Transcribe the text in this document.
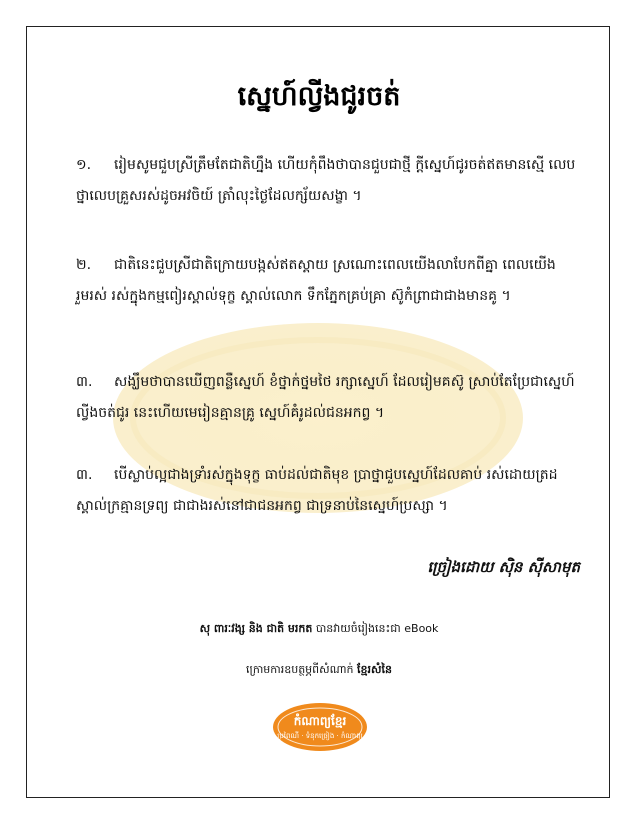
ស្នេហ៍ល្វីងជូរចត់
១. រៀមសូមជួបស្រីត្រឹមតែជាតិហ្នឹង ហើយកុំពឹងថាបានជួបជាថ្មី ក្ដីស្នេហ៍ជូរចត់ឥតមានស្មើ លេបថ្នាលេបគ្រួសរស់ដូចអវចិយ៍ ត្រាំលុះថ្ងៃដែលក្ស័យសង្ខា ។
២. ជាតិនេះជួបស្រីជាតិក្រោយបង្កស់ឥតស្ដាយ ស្រណោះពេលយើងលាបែកពីគ្នា ពេលយើងរួមរស់ រស់ក្នុងកម្មពៀរស្គាល់ទុក្ខ ស្គាល់លោក ទឹកភ្នែកគ្រប់គ្រា ស៊ូកំព្រាជាជាងមានគូ ។
៣. សង្ឃឹមថាបានឃើញពន្លឺស្នេហ៍ ខំថ្នាក់ថ្នមថៃ រក្សាស្នេហ៍ ដែលរៀមគស៊ូ ស្រាប់តែប្រែជាស្នេហ៍ល្វីងចត់ជូរ នេះហើយមេរៀនគ្មានគ្រូ ស្នេហ៍គំរូដល់ជនអកព្វ ។
៣. បើស្លាប់ល្អជាងទ្រាំរស់ក្នុងទុក្ខ ធាប់ដល់ជាតិមុខ ប្រាថ្នាជួបស្នេហ៍ដែលគាប់ រស់ដោយត្រដស្គាល់ក្រគ្មានទ្រព្យ ជាជាងរស់នៅជាជនអកព្វ ជាទ្រនាប់នៃស្នេហ៍ប្រស្សា ។
ច្រៀងដោយ ស៊ិន ស៊ីសាមុត
សុ ពារៈវង្ស និង ជាតិ មរកត បានវាយចំរៀងនេះជា eBook
ក្រោមការឧបត្ថម្ភពីសំណាក់ ខ្មែរសំនៃ
កំណាព្យខ្មែរ
ប្រពៃណី · ទំនុកច្រៀង · កំណាព្យ
